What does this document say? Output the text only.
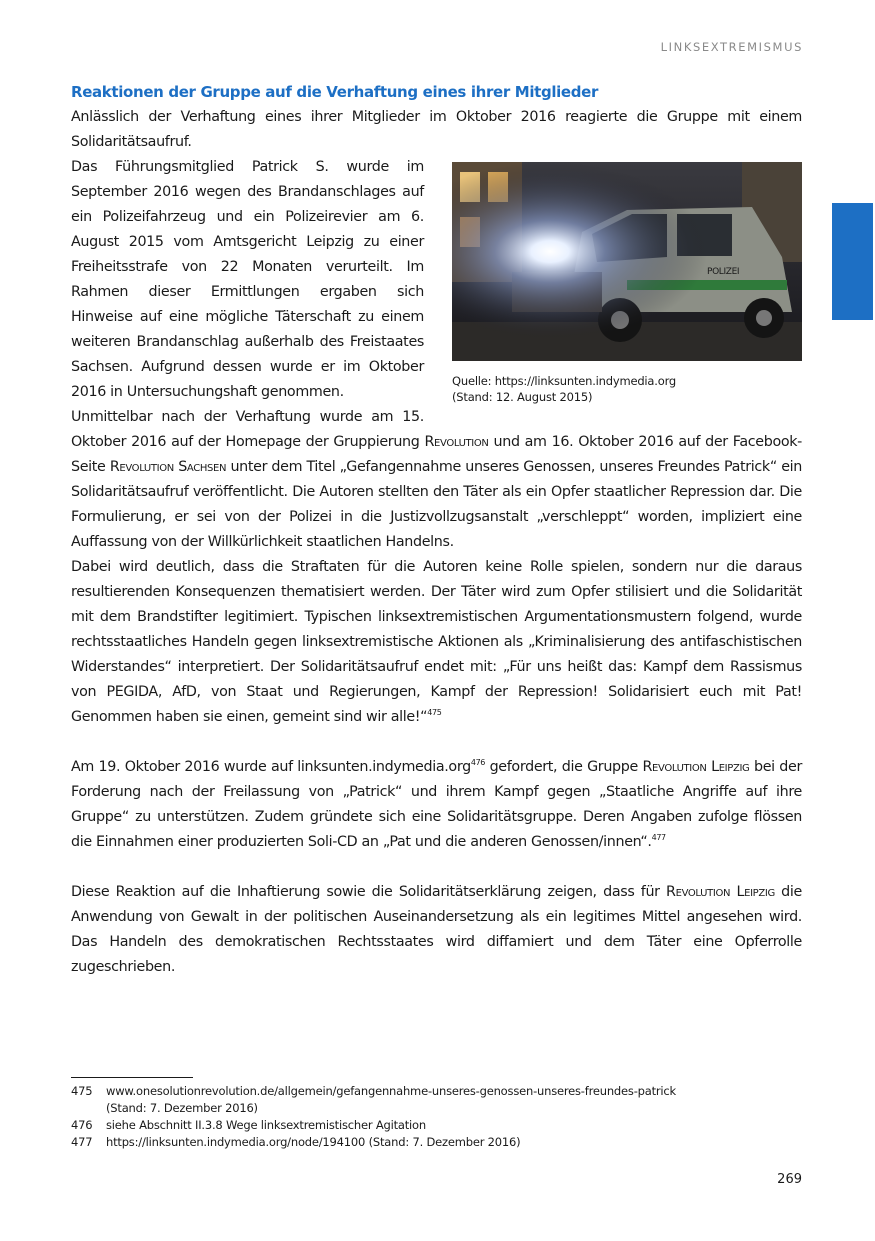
LINKSEXTREMISMUS

Reaktionen der Gruppe auf die Verhaftung eines ihrer Mitglieder

Anlässlich der Verhaftung eines ihrer Mitglieder im Oktober 2016 reagierte die Gruppe mit einem Solidaritätsaufruf.

POLIZEI
Quelle: https://linksunten.indymedia.org
(Stand: 12. August 2015)

Das Führungsmitglied Patrick S. wurde im September 2016 wegen des Brandanschlages auf ein Polizeifahrzeug und ein Polizeirevier am 6. August 2015 vom Amtsgericht Leipzig zu einer Freiheitsstrafe von 22 Monaten verurteilt. Im Rahmen dieser Ermittlungen ergaben sich Hinweise auf eine mögliche Täterschaft zu einem weiteren Brandanschlag außerhalb des Freistaates Sachsen. Aufgrund dessen wurde er im Oktober 2016 in Untersuchungshaft genommen.

Unmittelbar nach der Verhaftung wurde am 15. Oktober 2016 auf der Homepage der Gruppierung Revolution und am 16. Oktober 2016 auf der Facebook-Seite Revolution Sachsen unter dem Titel „Gefangennahme unseres Genossen, unseres Freundes Patrick“ ein Solidaritätsaufruf veröffentlicht. Die Autoren stellten den Täter als ein Opfer staatlicher Repression dar. Die Formulierung, er sei von der Polizei in die Justizvollzugsanstalt „verschleppt“ worden, impliziert eine Auffassung von der Willkürlichkeit staatlichen Handelns.

Dabei wird deutlich, dass die Straftaten für die Autoren keine Rolle spielen, sondern nur die daraus resultierenden Konsequenzen thematisiert werden. Der Täter wird zum Opfer stilisiert und die Solidarität mit dem Brandstifter legitimiert. Typischen linksextremistischen Argumentationsmustern folgend, wurde rechtsstaatliches Handeln gegen linksextremistische Aktionen als „Kriminalisierung des antifaschistischen Widerstandes“ interpretiert. Der Solidaritätsaufruf endet mit: „Für uns heißt das: Kampf dem Rassismus von PEGIDA, AfD, von Staat und Regierungen, Kampf der Repression! Solidarisiert euch mit Pat! Genommen haben sie einen, gemeint sind wir alle!“$^{475}$

Am 19. Oktober 2016 wurde auf linksunten.indymedia.org$^{476}$ gefordert, die Gruppe Revolution Leipzig bei der Forderung nach der Freilassung von „Patrick“ und ihrem Kampf gegen „Staatliche Angriffe auf ihre Gruppe“ zu unterstützen. Zudem gründete sich eine Solidaritätsgruppe. Deren Angaben zufolge flössen die Einnahmen einer produzierten Soli-CD an „Pat und die anderen Genossen/innen“.$^{477}$

Diese Reaktion auf die Inhaftierung sowie die Solidaritätserklärung zeigen, dass für Revolution Leipzig die Anwendung von Gewalt in der politischen Auseinandersetzung als ein legitimes Mittel angesehen wird. Das Handeln des demokratischen Rechtsstaates wird diffamiert und dem Täter eine Opferrolle zugeschrieben.

475	www.onesolutionrevolution.de/allgemein/gefangennahme-unseres-genossen-unseres-freundes-patrick
(Stand: 7. Dezember 2016)
476	siehe Abschnitt II.3.8 Wege linksextremistischer Agitation
477	https://linksunten.indymedia.org/node/194100 (Stand: 7. Dezember 2016)
269
